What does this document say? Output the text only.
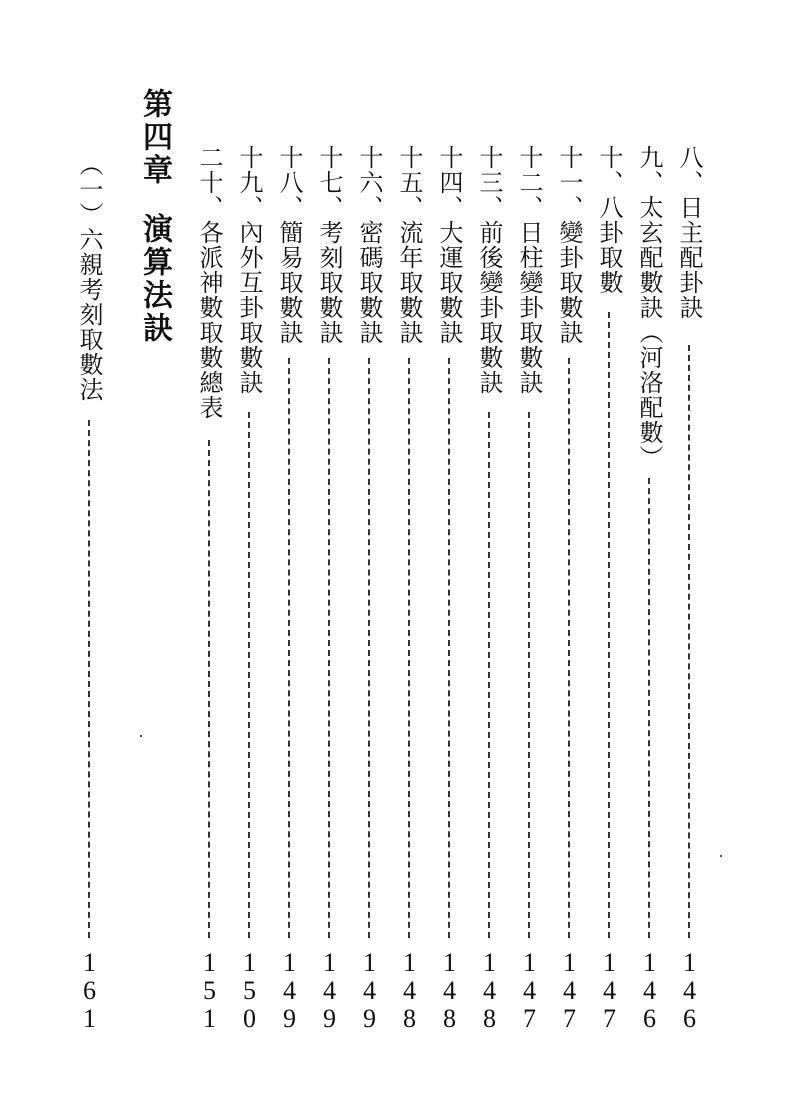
第四章演算法訣	八、日主配卦訣
146
九、太玄配數訣（河洛配數）
146
十、八卦取數
147
十一、變卦取數訣
147
十二、日柱變卦取數訣
147
十三、前後變卦取數訣
148
十四、大運取數訣
148
十五、流年取數訣
148
十六、密碼取數訣
149
十七、考刻取數訣
149
十八、簡易取數訣
149
十九、內外互卦取數訣
150
二十、各派神數取數總表
151
（一）六親考刻取數法
161
